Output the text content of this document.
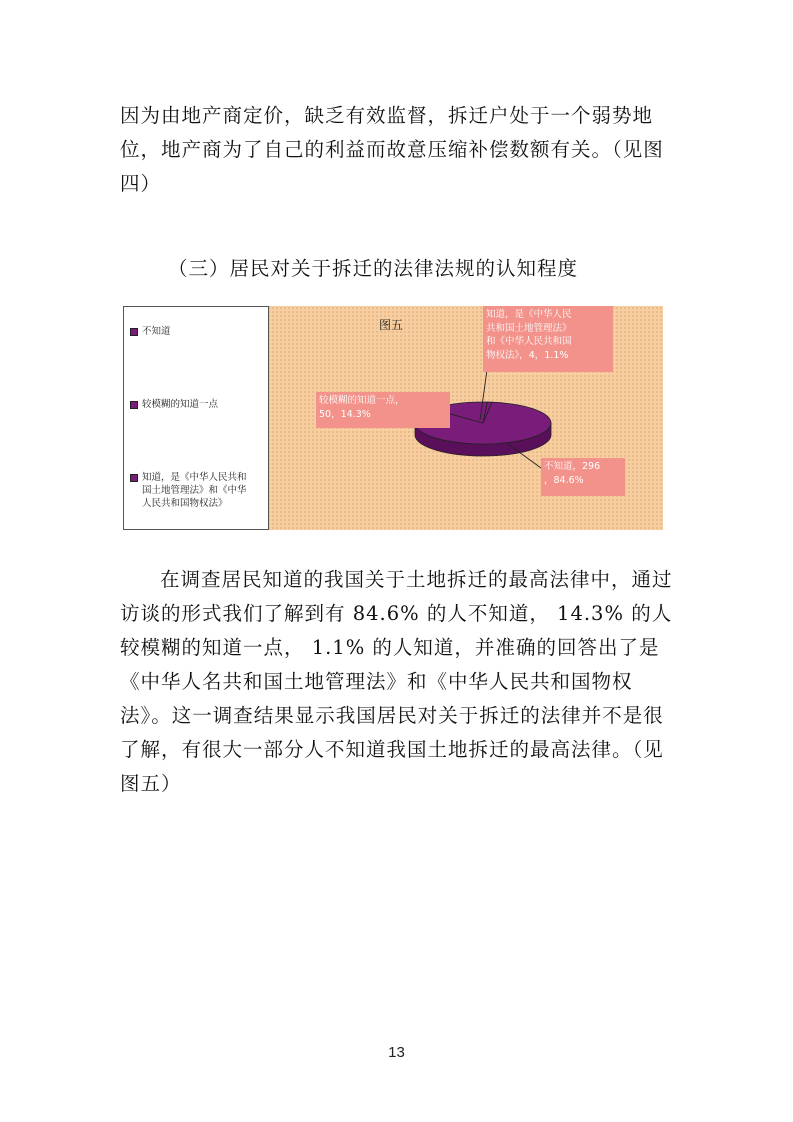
因为由地产商定价，缺乏有效监督，拆迁户处于一个弱势地位，地产商为了自己的利益而故意压缩补偿数额有关。（见图四）

（三）居民对关于拆迁的法律法规的认知程度
不知道
较模糊的知道一点
知道，是《中华人民共和
国土地管理法》和《中华
人民共和国物权法》
图五
知道，是《中华人民
共和国土地管理法》
和《中华人民共和国
物权法》，4，1.1%
较模糊的知道一点，
50，14.3%
不知道，296
，84.6%

在调查居民知道的我国关于土地拆迁的最高法律中，通过访谈的形式我们了解到有 84.6% 的人不知道， 14.3% 的人较模糊的知道一点， 1.1% 的人知道，并准确的回答出了是《中华人名共和国土地管理法》和《中华人民共和国物权法》。这一调查结果显示我国居民对关于拆迁的法律并不是很了解，有很大一部分人不知道我国土地拆迁的最高法律。（见图五）

13
